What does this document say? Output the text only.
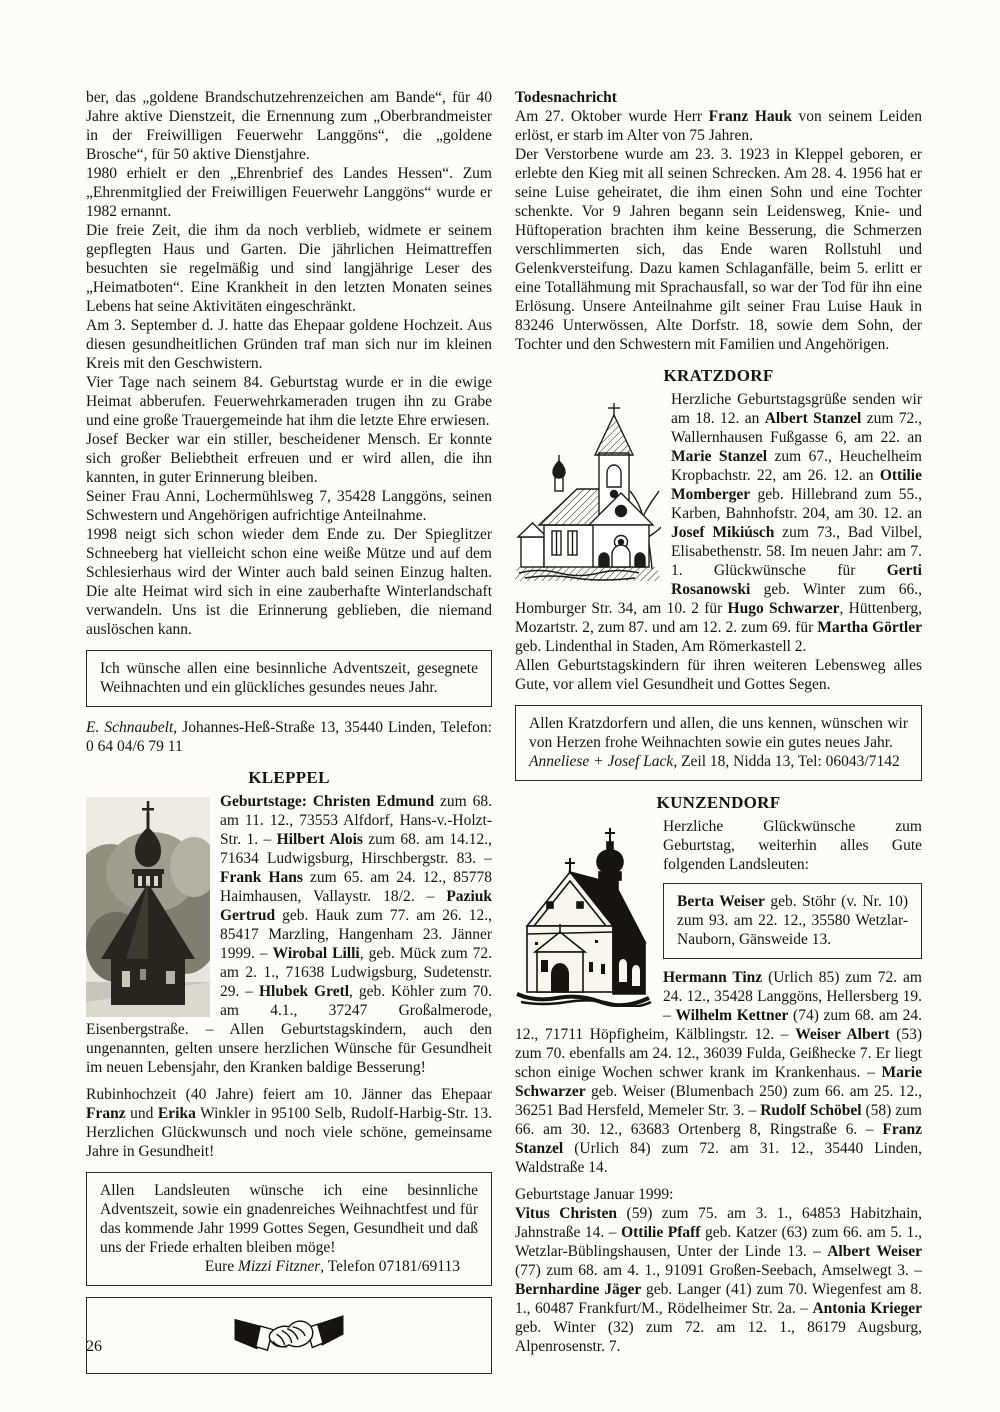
ber, das „goldene Brandschutzehrenzeichen am Bande“, für 40 Jahre aktive Dienstzeit, die Ernennung zum „Oberbrandmeister in der Freiwilligen Feuerwehr Langgöns“, die „goldene Brosche“, für 50 aktive Dienstjahre.

1980 erhielt er den „Ehrenbrief des Landes Hessen“. Zum „Ehrenmitglied der Freiwilligen Feuerwehr Langgöns“ wurde er 1982 ernannt.

Die freie Zeit, die ihm da noch verblieb, widmete er seinem gepflegten Haus und Garten. Die jährlichen Heimattreffen besuchten sie regelmäßig und sind langjährige Leser des „Heimatboten“. Eine Krankheit in den letzten Monaten seines Lebens hat seine Aktivitäten eingeschränkt.

Am 3. September d. J. hatte das Ehepaar goldene Hochzeit. Aus diesen gesundheitlichen Gründen traf man sich nur im kleinen Kreis mit den Geschwistern.

Vier Tage nach seinem 84. Geburtstag wurde er in die ewige Heimat abberufen. Feuerwehrkameraden trugen ihn zu Grabe und eine große Trauergemeinde hat ihm die letzte Ehre erwiesen.

Josef Becker war ein stiller, bescheidener Mensch. Er konnte sich großer Beliebtheit erfreuen und er wird allen, die ihn kannten, in guter Erinnerung bleiben.

Seiner Frau Anni, Lochermühlsweg 7, 35428 Langgöns, seinen Schwestern und Angehörigen aufrichtige Anteilnahme.

1998 neigt sich schon wieder dem Ende zu. Der Spieglitzer Schneeberg hat vielleicht schon eine weiße Mütze und auf dem Schlesierhaus wird der Winter auch bald seinen Einzug halten. Die alte Heimat wird sich in eine zauberhafte Winterlandschaft verwandeln. Uns ist die Erinnerung geblieben, die niemand auslöschen kann.

Ich wünsche allen eine besinnliche Adventszeit, gesegnete Weihnachten und ein glückliches gesundes neues Jahr.

E. Schnaubelt, Johannes-Heß-Straße 13, 35440 Linden, Telefon: 0 64 04/6 79 11

KLEPPEL

Geburtstage: Christen Edmund zum 68. am 11. 12., 73553 Alfdorf, Hans-v.-Holzt-Str. 1. – Hilbert Alois zum 68. am 14.12., 71634 Ludwigsburg, Hirschbergstr. 83. – Frank Hans zum 65. am 24. 12., 85778 Haimhausen, Vallaystr. 18/2. – Paziuk Gertrud geb. Hauk zum 77. am 26. 12., 85417 Marzling, Hangenham 23. Jänner 1999. – Wirobal Lilli, geb. Mück zum 72. am 2. 1., 71638 Ludwigsburg, Sudetenstr. 29. – Hlubek Gretl, geb. Köhler zum 70. am 4.1., 37247 Großalmerode, Eisenbergstraße. – Allen Geburtstagskindern, auch den ungenannten, gelten unsere herzlichen Wünsche für Gesundheit im neuen Lebensjahr, den Kranken baldige Besserung!

Rubinhochzeit (40 Jahre) feiert am 10. Jänner das Ehepaar Franz und Erika Winkler in 95100 Selb, Rudolf-Harbig-Str. 13. Herzlichen Glückwunsch und noch viele schöne, gemeinsame Jahre in Gesundheit!

Allen Landsleuten wünsche ich eine besinnliche Adventszeit, sowie ein gnadenreiches Weihnachtfest und für das kommende Jahr 1999 Gottes Segen, Gesundheit und daß uns der Friede erhalten bleiben möge!

Eure Mizzi Fitzner, Telefon 07181/69113

Todesnachricht

Am 27. Oktober wurde Herr Franz Hauk von seinem Leiden erlöst, er starb im Alter von 75 Jahren.

Der Verstorbene wurde am 23. 3. 1923 in Kleppel geboren, er erlebte den Kieg mit all seinen Schrecken. Am 28. 4. 1956 hat er seine Luise geheiratet, die ihm einen Sohn und eine Tochter schenkte. Vor 9 Jahren begann sein Leidensweg, Knie- und Hüftoperation brachten ihm keine Besserung, die Schmerzen verschlimmerten sich, das Ende waren Rollstuhl und Gelenkversteifung. Dazu kamen Schlaganfälle, beim 5. erlitt er eine Totallähmung mit Sprachausfall, so war der Tod für ihn eine Erlösung. Unsere Anteilnahme gilt seiner Frau Luise Hauk in 83246 Unterwössen, Alte Dorfstr. 18, sowie dem Sohn, der Tochter und den Schwestern mit Familien und Angehörigen.

KRATZDORF

Herzliche Geburtstagsgrüße senden wir am 18. 12. an Albert Stanzel zum 72., Wallernhausen Fußgasse 6, am 22. an Marie Stanzel zum 67., Heuchelheim Kropbachstr. 22, am 26. 12. an Ottilie Momberger geb. Hillebrand zum 55., Karben, Bahnhofstr. 204, am 30. 12. an Josef Mikiúsch zum 73., Bad Vilbel, Elisabethenstr. 58. Im neuen Jahr: am 7. 1. Glückwünsche für Gerti Rosanowski geb. Winter zum 66., Homburger Str. 34, am 10. 2 für Hugo Schwarzer, Hüttenberg, Mozartstr. 2, zum 87. und am 12. 2. zum 69. für Martha Görtler geb. Lindenthal in Staden, Am Römerkastell 2.

Allen Geburtstagskindern für ihren weiteren Lebensweg alles Gute, vor allem viel Gesundheit und Gottes Segen.

Allen Kratzdorfern und allen, die uns kennen, wünschen wir von Herzen frohe Weihnachten sowie ein gutes neues Jahr.

Anneliese + Josef Lack, Zeil 18, Nidda 13, Tel: 06043/7142

KUNZENDORF

Herzliche Glückwünsche zum Geburtstag, weiterhin alles Gute folgenden Landsleuten:

Berta Weiser geb. Stöhr (v. Nr. 10) zum 93. am 22. 12., 35580 Wetzlar-Nauborn, Gänsweide 13.

Hermann Tinz (Urlich 85) zum 72. am 24. 12., 35428 Langgöns, Hellersberg 19. – Wilhelm Kettner (74) zum 68. am 24. 12., 71711 Höpfigheim, Kälblingstr. 12. – Weiser Albert (53) zum 70. ebenfalls am 24. 12., 36039 Fulda, Geißhecke 7. Er liegt schon einige Wochen schwer krank im Krankenhaus. – Marie Schwarzer geb. Weiser (Blumenbach 250) zum 66. am 25. 12., 36251 Bad Hersfeld, Memeler Str. 3. – Rudolf Schöbel (58) zum 66. am 30. 12., 63683 Ortenberg 8, Ringstraße 6. – Franz Stanzel (Urlich 84) zum 72. am 31. 12., 35440 Linden, Waldstraße 14.

Geburtstage Januar 1999:

Vitus Christen (59) zum 75. am 3. 1., 64853 Habitzhain, Jahnstraße 14. – Ottilie Pfaff geb. Katzer (63) zum 66. am 5. 1., Wetzlar-Büblingshausen, Unter der Linde 13. – Albert Weiser (77) zum 68. am 4. 1., 91091 Großen-Seebach, Amselwegt 3. – Bernhardine Jäger geb. Langer (41) zum 70. Wiegenfest am 8. 1., 60487 Frankfurt/M., Rödelheimer Str. 2a. – Antonia Krieger geb. Winter (32) zum 72. am 12. 1., 86179 Augsburg, Alpenrosenstr. 7.

26
